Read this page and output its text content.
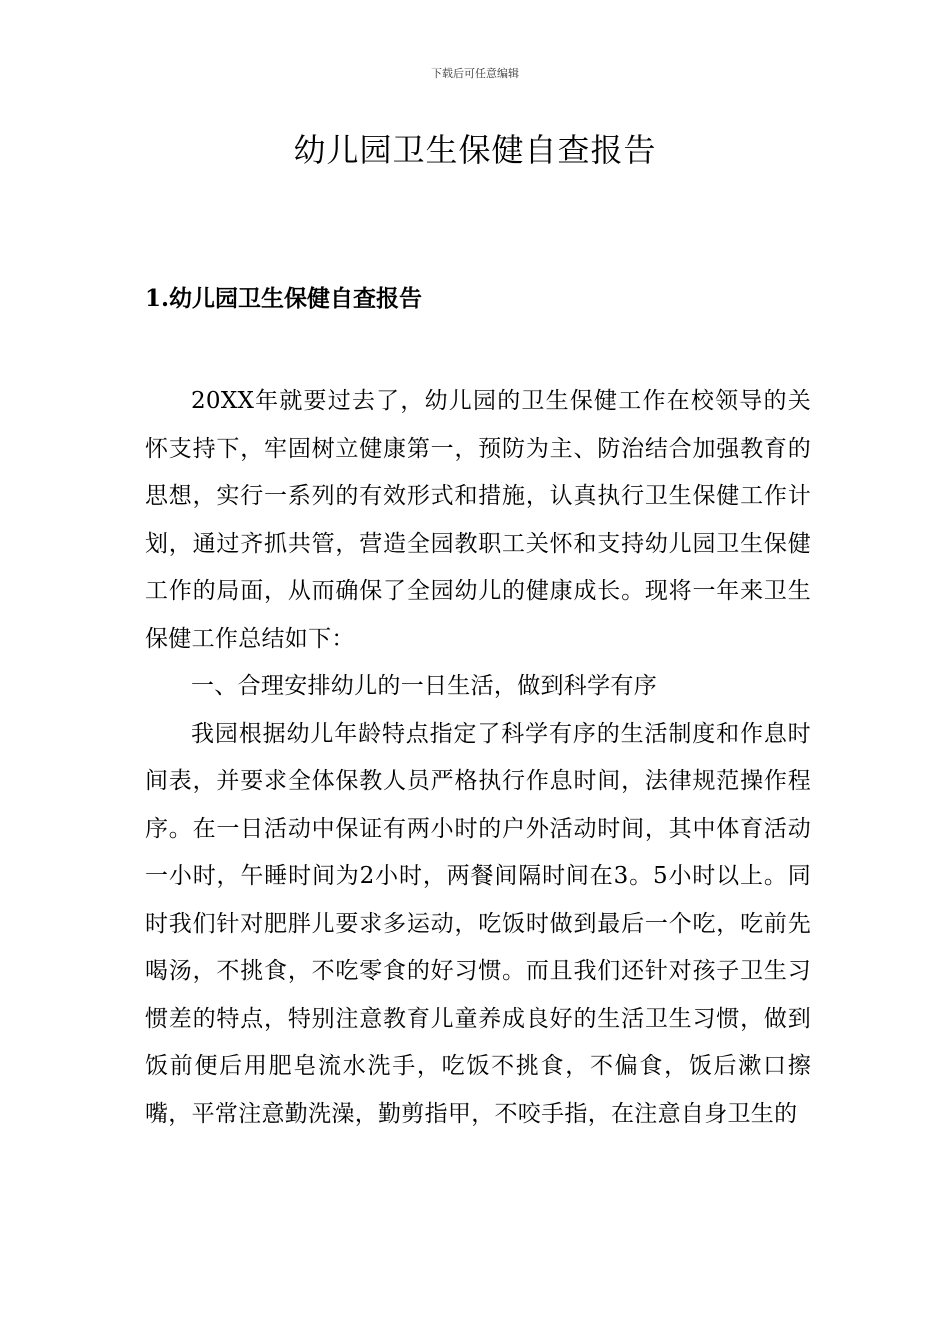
下载后可任意编辑
幼儿园卫生保健自查报告
1.幼儿园卫生保健自查报告

20XX年就要过去了，幼儿园的卫生保健工作在校领导的关怀支持下，牢固树立健康第一，预防为主、防治结合加强教育的思想，实行一系列的有效形式和措施，认真执行卫生保健工作计划，通过齐抓共管，营造全园教职工关怀和支持幼儿园卫生保健工作的局面，从而确保了全园幼儿的健康成长。现将一年来卫生保健工作总结如下：

一、合理安排幼儿的一日生活，做到科学有序

我园根据幼儿年龄特点指定了科学有序的生活制度和作息时间表，并要求全体保教人员严格执行作息时间，法律规范操作程序。在一日活动中保证有两小时的户外活动时间，其中体育活动一小时，午睡时间为2小时，两餐间隔时间在3。5小时以上。同时我们针对肥胖儿要求多运动，吃饭时做到最后一个吃，吃前先喝汤，不挑食，不吃零食的好习惯。而且我们还针对孩子卫生习惯差的特点，特别注意教育儿童养成良好的生活卫生习惯，做到饭前便后用肥皂流水洗手，吃饭不挑食，不偏食，饭后漱口擦嘴，平常注意勤洗澡，勤剪指甲，不咬手指，在注意自身卫生的
